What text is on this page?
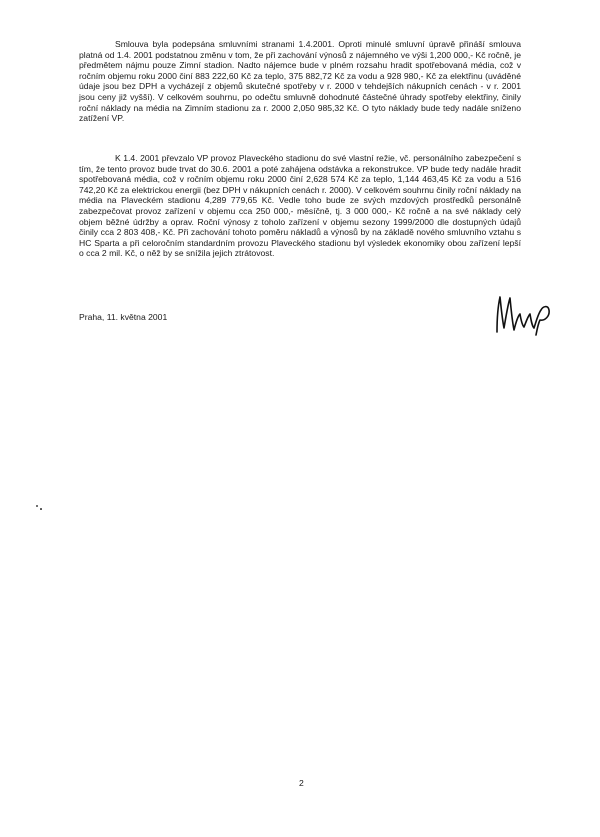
Smlouva byla podepsána smluvními stranami 1.4.2001. Oproti minulé smluvní úpravě přináší smlouva platná od 1.4. 2001 podstatnou změnu v tom, že při zachování výnosů z nájemného ve výši 1,200 000,- Kč ročně, je předmětem nájmu pouze Zimní stadion. Nadto nájemce bude v plném rozsahu hradit spotřebovaná média, což v ročním objemu roku 2000 činí 883 222,60 Kč za teplo, 375 882,72 Kč za vodu a 928 980,- Kč za elektřinu (uváděné údaje jsou bez DPH a vycházejí z objemů skutečné spotřeby v r. 2000 v tehdejších nákupních cenách - v r. 2001 jsou ceny již vyšší). V celkovém souhrnu, po odečtu smluvně dohodnuté částečné úhrady spotřeby elektřiny, činily roční náklady na média na Zimním stadionu za r. 2000 2,050 985,32 Kč. O tyto náklady bude tedy nadále sníženo zatížení VP.

K 1.4. 2001 převzalo VP provoz Plaveckého stadionu do své vlastní režie, vč. personálního zabezpečení s tím, že tento provoz bude trvat do 30.6. 2001 a poté zahájena odstávka a rekonstrukce. VP bude tedy nadále hradit spotřebovaná média, což v ročním objemu roku 2000 činí 2,628 574 Kč za teplo, 1,144 463,45 Kč za vodu a 516 742,20 Kč za elektrickou energii (bez DPH v nákupních cenách r. 2000). V celkovém souhrnu činily roční náklady na média na Plaveckém stadionu 4,289 779,65 Kč. Vedle toho bude ze svých mzdových prostředků personálně zabezpečovat provoz zařízení v objemu cca 250 000,- měsíčně, tj. 3 000 000,- Kč ročně a na své náklady celý objem běžné údržby a oprav. Roční výnosy z toholo zařízení v objemu sezony 1999/2000 dle dostupných údajů činily cca 2 803 408,- Kč. Při zachování tohoto poměru nákladů a výnosů by na základě nového smluvního vztahu s HC Sparta a při celoročním standardním provozu Plaveckého stadionu byl výsledek ekonomiky obou zařízení lepší o cca 2 mil. Kč, o něž by se snížila jejich ztrátovost.

Praha, 11. května 2001

2
